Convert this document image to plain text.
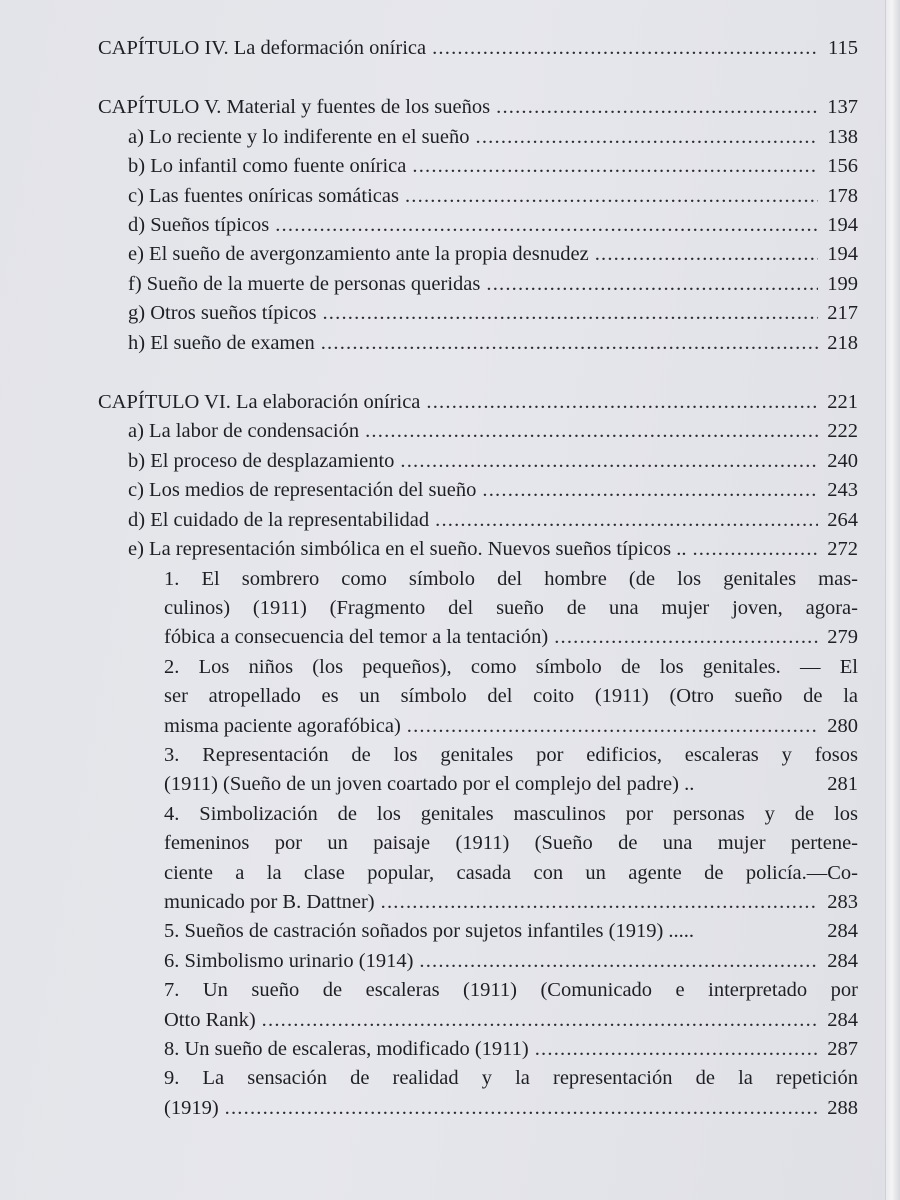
CAPÍTULO IV. La deformación onírica .....	115
CAPÍTULO V. Material y fuentes de los sueños .....	137
a) Lo reciente y lo indiferente en el sueño .....	138
b) Lo infantil como fuente onírica .....	156
c) Las fuentes oníricas somáticas .....	178
d) Sueños típicos .....	194
e) El sueño de avergonzamiento ante la propia desnudez .....	194
f) Sueño de la muerte de personas queridas .....	199
g) Otros sueños típicos .....	217
h) El sueño de examen .....	218
CAPÍTULO VI. La elaboración onírica .....	221
a) La labor de condensación .....	222
b) El proceso de desplazamiento .....	240
c) Los medios de representación del sueño .....	243
d) El cuidado de la representabilidad .....	264
e) La representación simbólica en el sueño. Nuevos sueños típicos .. .....	272
1. El sombrero como símbolo del hombre (de los genitales mas-
culinos) (1911) (Fragmento del sueño de una mujer joven, agora-
fóbica a consecuencia del temor a la tentación) .....	279
2. Los niños (los pequeños), como símbolo de los genitales. — El
ser atropellado es un símbolo del coito (1911) (Otro sueño de la
misma paciente agorafóbica) .....	280
3. Representación de los genitales por edificios, escaleras y fosos
(1911) (Sueño de un joven coartado por el complejo del padre) ..	281
4. Simbolización de los genitales masculinos por personas y de los
femeninos por un paisaje (1911) (Sueño de una mujer pertene-
ciente a la clase popular, casada con un agente de policía.—Co-
municado por B. Dattner) .....	283
5. Sueños de castración soñados por sujetos infantiles (1919) .....	284
6. Simbolismo urinario (1914) .....	284
7. Un sueño de escaleras (1911) (Comunicado e interpretado por
Otto Rank) .....	284
8. Un sueño de escaleras, modificado (1911) .....	287
9. La sensación de realidad y la representación de la repetición
(1919) .....	288
